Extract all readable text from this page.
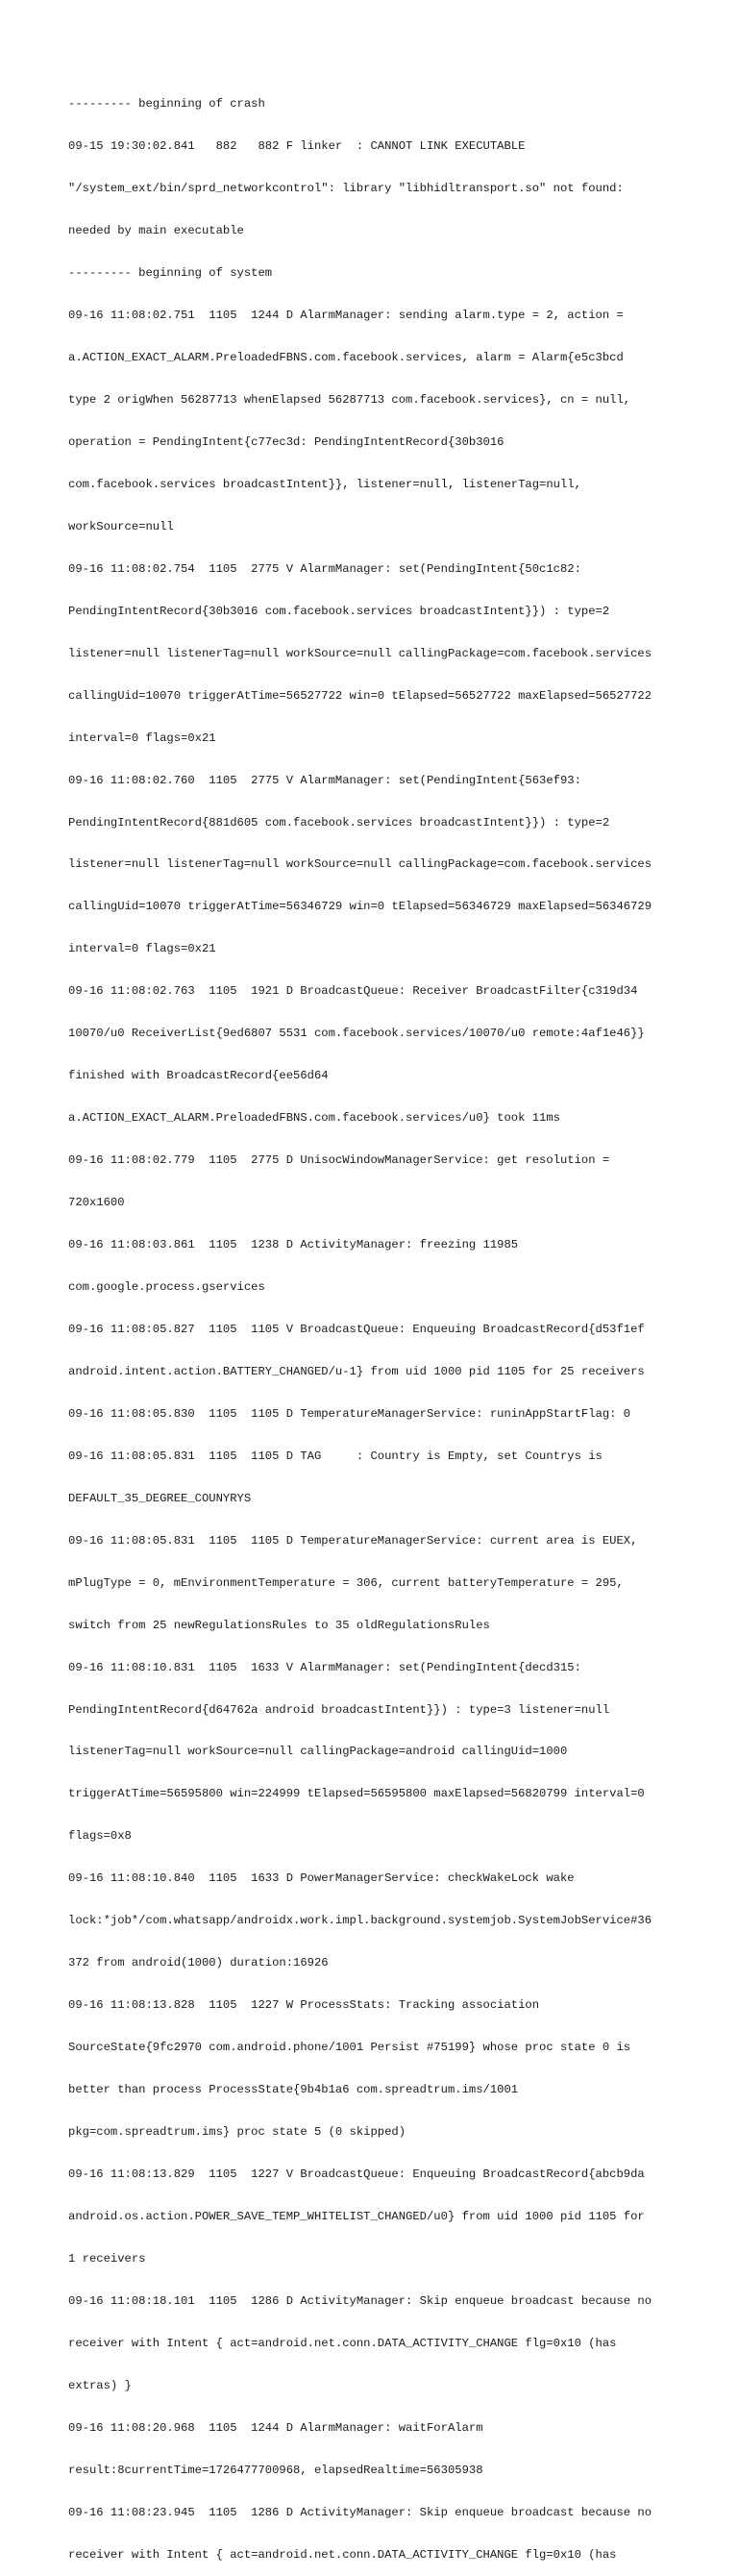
--------- beginning of crash

09-15 19:30:02.841   882   882 F linker  : CANNOT LINK EXECUTABLE

"/system_ext/bin/sprd_networkcontrol": library "libhidltransport.so" not found:

needed by main executable

--------- beginning of system

09-16 11:08:02.751  1105  1244 D AlarmManager: sending alarm.type = 2, action =

a.ACTION_EXACT_ALARM.PreloadedFBNS.com.facebook.services, alarm = Alarm{e5c3bcd

type 2 origWhen 56287713 whenElapsed 56287713 com.facebook.services}, cn = null,

operation = PendingIntent{c77ec3d: PendingIntentRecord{30b3016

com.facebook.services broadcastIntent}}, listener=null, listenerTag=null,

workSource=null

09-16 11:08:02.754  1105  2775 V AlarmManager: set(PendingIntent{50c1c82:

PendingIntentRecord{30b3016 com.facebook.services broadcastIntent}}) : type=2

listener=null listenerTag=null workSource=null callingPackage=com.facebook.services

callingUid=10070 triggerAtTime=56527722 win=0 tElapsed=56527722 maxElapsed=56527722

interval=0 flags=0x21

09-16 11:08:02.760  1105  2775 V AlarmManager: set(PendingIntent{563ef93:

PendingIntentRecord{881d605 com.facebook.services broadcastIntent}}) : type=2

listener=null listenerTag=null workSource=null callingPackage=com.facebook.services

callingUid=10070 triggerAtTime=56346729 win=0 tElapsed=56346729 maxElapsed=56346729

interval=0 flags=0x21

09-16 11:08:02.763  1105  1921 D BroadcastQueue: Receiver BroadcastFilter{c319d34

10070/u0 ReceiverList{9ed6807 5531 com.facebook.services/10070/u0 remote:4af1e46}}

finished with BroadcastRecord{ee56d64

a.ACTION_EXACT_ALARM.PreloadedFBNS.com.facebook.services/u0} took 11ms

09-16 11:08:02.779  1105  2775 D UnisocWindowManagerService: get resolution =

720x1600

09-16 11:08:03.861  1105  1238 D ActivityManager: freezing 11985

com.google.process.gservices

09-16 11:08:05.827  1105  1105 V BroadcastQueue: Enqueuing BroadcastRecord{d53f1ef

android.intent.action.BATTERY_CHANGED/u-1} from uid 1000 pid 1105 for 25 receivers

09-16 11:08:05.830  1105  1105 D TemperatureManagerService: runinAppStartFlag: 0

09-16 11:08:05.831  1105  1105 D TAG     : Country is Empty, set Countrys is

DEFAULT_35_DEGREE_COUNYRYS

09-16 11:08:05.831  1105  1105 D TemperatureManagerService: current area is EUEX,

mPlugType = 0, mEnvironmentTemperature = 306, current batteryTemperature = 295,

switch from 25 newRegulationsRules to 35 oldRegulationsRules

09-16 11:08:10.831  1105  1633 V AlarmManager: set(PendingIntent{decd315:

PendingIntentRecord{d64762a android broadcastIntent}}) : type=3 listener=null

listenerTag=null workSource=null callingPackage=android callingUid=1000

triggerAtTime=56595800 win=224999 tElapsed=56595800 maxElapsed=56820799 interval=0

flags=0x8

09-16 11:08:10.840  1105  1633 D PowerManagerService: checkWakeLock wake

lock:*job*/com.whatsapp/androidx.work.impl.background.systemjob.SystemJobService#36

372 from android(1000) duration:16926

09-16 11:08:13.828  1105  1227 W ProcessStats: Tracking association

SourceState{9fc2970 com.android.phone/1001 Persist #75199} whose proc state 0 is

better than process ProcessState{9b4b1a6 com.spreadtrum.ims/1001

pkg=com.spreadtrum.ims} proc state 5 (0 skipped)

09-16 11:08:13.829  1105  1227 V BroadcastQueue: Enqueuing BroadcastRecord{abcb9da

android.os.action.POWER_SAVE_TEMP_WHITELIST_CHANGED/u0} from uid 1000 pid 1105 for

1 receivers

09-16 11:08:18.101  1105  1286 D ActivityManager: Skip enqueue broadcast because no

receiver with Intent { act=android.net.conn.DATA_ACTIVITY_CHANGE flg=0x10 (has

extras) }

09-16 11:08:20.968  1105  1244 D AlarmManager: waitForAlarm

result:8currentTime=1726477700968, elapsedRealtime=56305938

09-16 11:08:23.945  1105  1286 D ActivityManager: Skip enqueue broadcast because no

receiver with Intent { act=android.net.conn.DATA_ACTIVITY_CHANGE flg=0x10 (has
